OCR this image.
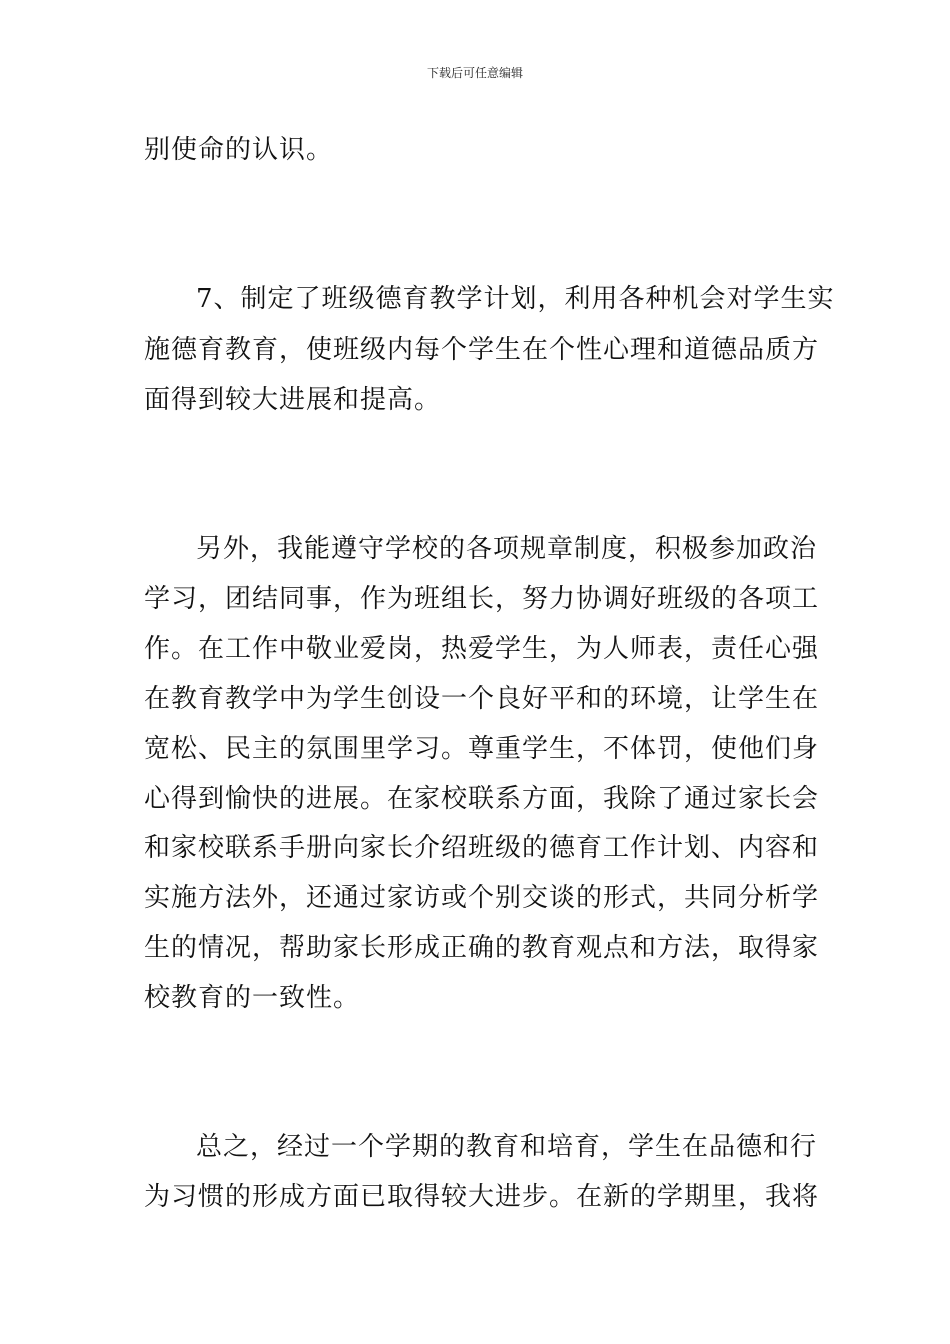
下载后可任意编辑
别使命的认识。
7、制定了班级德育教学计划，利用各种机会对学生实
施德育教育，使班级内每个学生在个性心理和道德品质方
面得到较大进展和提高。
另外，我能遵守学校的各项规章制度，积极参加政治
学习，团结同事，作为班组长，努力协调好班级的各项工
作。在工作中敬业爱岗，热爱学生，为人师表，责任心强
在教育教学中为学生创设一个良好平和的环境，让学生在
宽松、民主的氛围里学习。尊重学生，不体罚，使他们身
心得到愉快的进展。在家校联系方面，我除了通过家长会
和家校联系手册向家长介绍班级的德育工作计划、内容和
实施方法外，还通过家访或个别交谈的形式，共同分析学
生的情况，帮助家长形成正确的教育观点和方法，取得家
校教育的一致性。
总之，经过一个学期的教育和培育，学生在品德和行
为习惯的形成方面已取得较大进步。在新的学期里，我将
